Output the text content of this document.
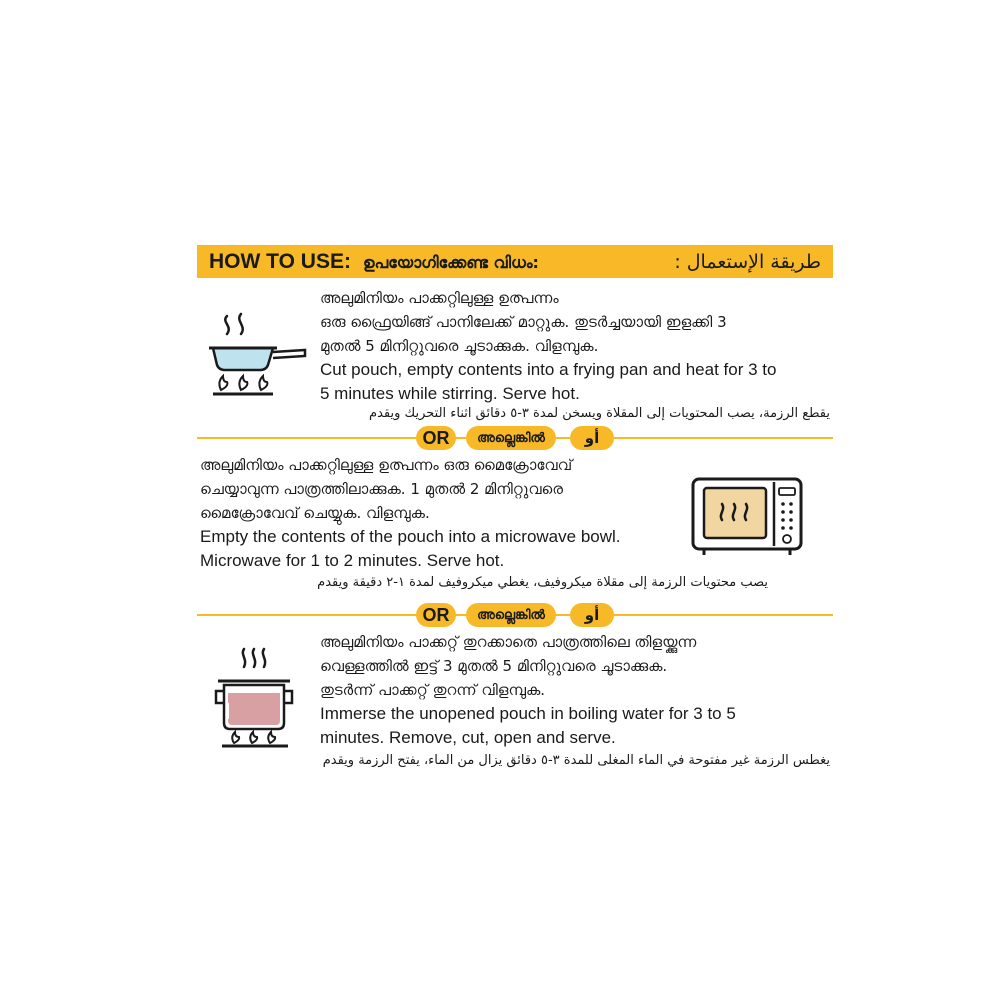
HOW TO USE: ഉപയോഗിക്കേണ്ട വിധം:	طريقة الإستعمال :
അലുമിനിയം പാക്കറ്റിലുള്ള ഉത്പന്നം
ഒരു ഫ്രൈയിങ്ങ് പാനിലേക്ക് മാറ്റുക. തുടർച്ചയായി ഇളക്കി 3
മുതൽ 5 മിനിറ്റുവരെ ചൂടാക്കുക. വിളമ്പുക.
Cut pouch, empty contents into a frying pan and heat for 3 to
5 minutes while stirring. Serve hot.
يقطع الرزمة، يصب المحتويات إلى المقلاة ويسخن لمدة ٣-٥ دقائق اثناء التحريك ويقدم
OR	അല്ലെങ്കിൽ	أو
അലുമിനിയം പാക്കറ്റിലുള്ള ഉത്പന്നം ഒരു മൈക്രോവേവ്
ചെയ്യാവുന്ന പാത്രത്തിലാക്കുക. 1 മുതൽ 2 മിനിറ്റുവരെ
മൈക്രോവേവ് ചെയ്യുക. വിളമ്പുക.
Empty the contents of the pouch into a microwave bowl.
Microwave for 1 to 2 minutes. Serve hot.
يصب محتويات الرزمة إلى مقلاة ميكروفيف، يغطي ميكروفيف لمدة ١-٢ دقيقة ويقدم
OR	അല്ലെങ്കിൽ	أو
അലുമിനിയം പാക്കറ്റ് തുറക്കാതെ പാത്രത്തിലെ തിളയ്ക്കുന്ന
വെള്ളത്തിൽ ഇട്ട് 3 മുതൽ 5 മിനിറ്റുവരെ ചൂടാക്കുക.
തുടർന്ന് പാക്കറ്റ് തുറന്ന് വിളമ്പുക.
Immerse the unopened pouch in boiling water for 3 to 5
minutes. Remove, cut, open and serve.
يغطس الرزمة غير مفتوحة في الماء المغلى للمدة ٣-٥ دقائق يزال من الماء، يفتح الرزمة ويقدم
